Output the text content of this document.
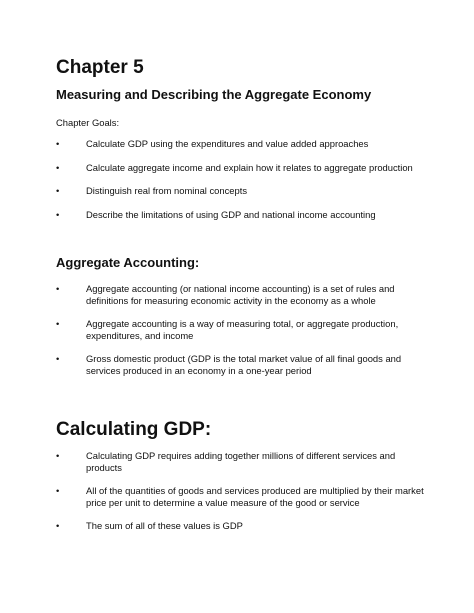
Chapter 5
Measuring and Describing the Aggregate Economy
Chapter Goals:
•	Calculate GDP using the expenditures and value added approaches
•	Calculate aggregate income and explain how it relates to aggregate production
•	Distinguish real from nominal concepts
•	Describe the limitations of using GDP and national income accounting
Aggregate Accounting:
•	Aggregate accounting (or national income accounting) is a set of rules and definitions for measuring economic activity in the economy as a whole
•	Aggregate accounting is a way of measuring total, or aggregate production, expenditures, and income
•	Gross domestic product (GDP is the total market value of all final goods and services produced in an economy in a one-year period
Calculating GDP:
•	Calculating GDP requires adding together millions of different services and products
•	All of the quantities of goods and services produced are multiplied by their market price per unit to determine a value measure of the good or service
•	The sum of all of these values is GDP
